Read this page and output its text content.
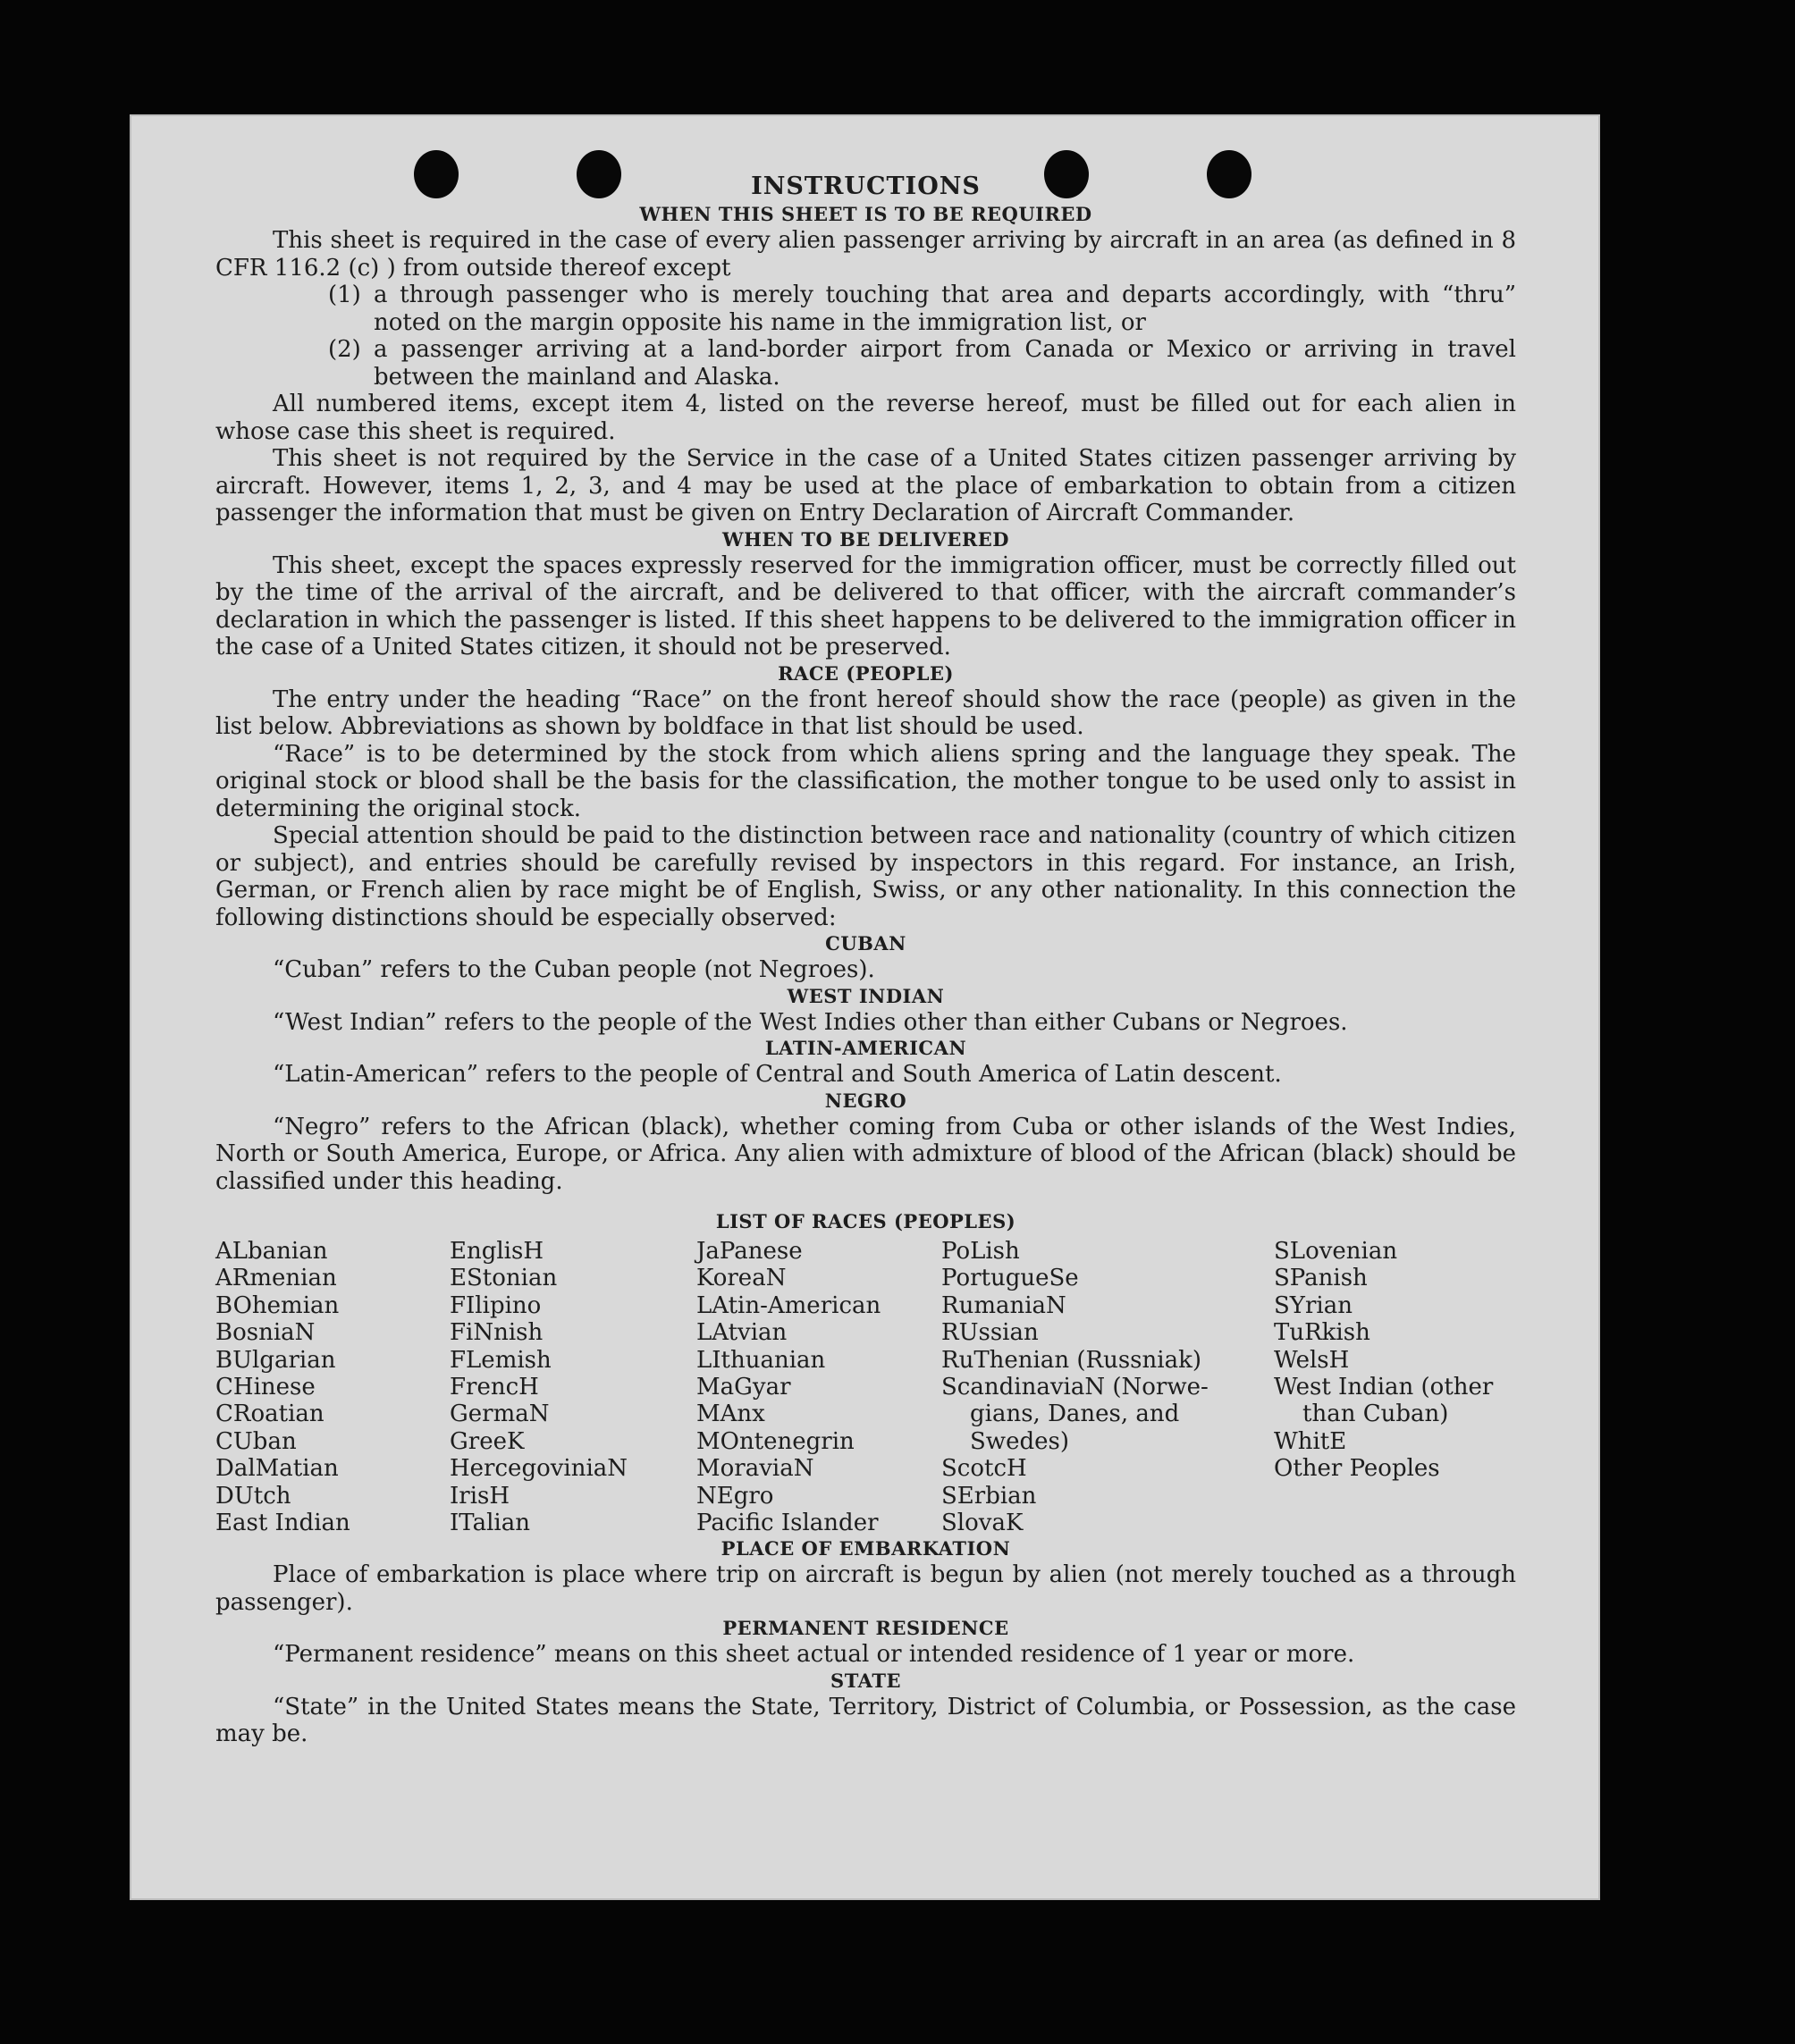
INSTRUCTIONS
WHEN THIS SHEET IS TO BE REQUIRED
This sheet is required in the case of every alien passenger arriving by aircraft in an area (as defined in 8 CFR 116.2 (c) ) from outside thereof except
(1) a through passenger who is merely touching that area and departs accordingly, with “thru” noted on the margin opposite his name in the immigration list, or
(2) a passenger arriving at a land-border airport from Canada or Mexico or arriving in travel between the mainland and Alaska.
All numbered items, except item 4, listed on the reverse hereof, must be filled out for each alien in whose case this sheet is required.
This sheet is not required by the Service in the case of a United States citizen passenger arriving by aircraft. However, items 1, 2, 3, and 4 may be used at the place of embarkation to obtain from a citizen passenger the information that must be given on Entry Declaration of Aircraft Commander.
WHEN TO BE DELIVERED
This sheet, except the spaces expressly reserved for the immigration officer, must be correctly filled out by the time of the arrival of the aircraft, and be delivered to that officer, with the aircraft commander’s declaration in which the passenger is listed. If this sheet happens to be delivered to the immigration officer in the case of a United States citizen, it should not be preserved.
RACE (PEOPLE)
The entry under the heading “Race” on the front hereof should show the race (people) as given in the list below. Abbreviations as shown by boldface in that list should be used.
“Race” is to be determined by the stock from which aliens spring and the language they speak. The original stock or blood shall be the basis for the classification, the mother tongue to be used only to assist in determining the original stock.
Special attention should be paid to the distinction between race and nationality (country of which citizen or subject), and entries should be carefully revised by inspectors in this regard. For instance, an Irish, German, or French alien by race might be of English, Swiss, or any other nationality. In this connection the following distinctions should be especially observed:
CUBAN
“Cuban” refers to the Cuban people (not Negroes).
WEST INDIAN
“West Indian” refers to the people of the West Indies other than either Cubans or Negroes.
LATIN-AMERICAN
“Latin-American” refers to the people of Central and South America of Latin descent.
NEGRO
“Negro” refers to the African (black), whether coming from Cuba or other islands of the West Indies, North or South America, Europe, or Africa. Any alien with admixture of blood of the African (black) should be classified under this heading.
LIST OF RACES (PEOPLES)
ALbanian
ARmenian
BOhemian
BosniaN
BUlgarian
CHinese
CRoatian
CUban
DalMatian
DUtch
East Indian
EnglisH
EStonian
FIlipino
FiNnish
FLemish
FrencH
GermaN
GreeK
HercegoviniaN
IrisH
ITalian
JaPanese
KoreaN
LAtin-American
LAtvian
LIthuanian
MaGyar
MAnx
MOntenegrin
MoraviaN
NEgro
Pacific Islander
PoLish
PortugueSe
RumaniaN
RUssian
RuThenian (Russniak)
ScandinaviaN (Norwe-
gians, Danes, and
Swedes)
ScotcH
SErbian
SlovaK
SLovenian
SPanish
SYrian
TuRkish
WelsH
West Indian (other
than Cuban)
WhitE
Other Peoples
PLACE OF EMBARKATION
Place of embarkation is place where trip on aircraft is begun by alien (not merely touched as a through passenger).
PERMANENT RESIDENCE
“Permanent residence” means on this sheet actual or intended residence of 1 year or more.
STATE
“State” in the United States means the State, Territory, District of Columbia, or Possession, as the case may be.
